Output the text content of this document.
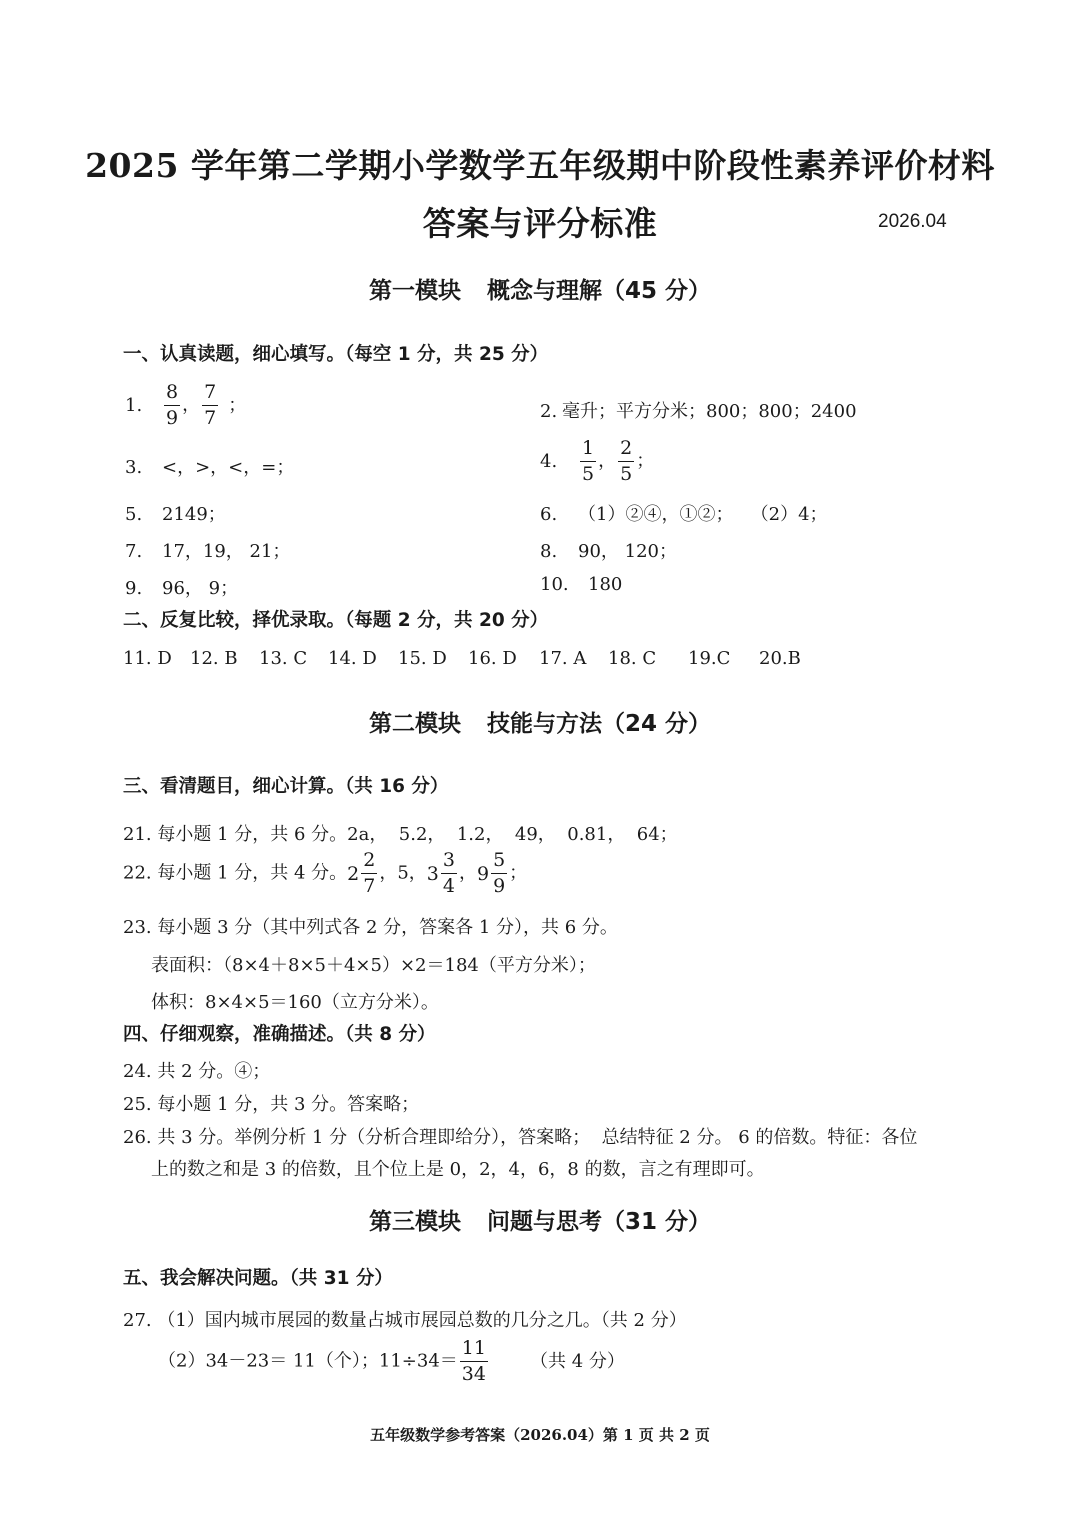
2025 学年第二学期小学数学五年级期中阶段性素养评价材料
答案与评分标准	2026.04
第一模块 概念与理解（45 分）
一、认真读题，细心填写。（每空 1 分，共 25 分）
1. $\frac{8}{9}$ ， $\frac{7}{7}$ ；	2. 毫升；平方分米；800；800；2400
3. <，>，<，=；	4. $\frac{1}{5}$ ， $\frac{2}{5}$ ；
5. 2149；	6. （1）②④，①②；   （2）4；
7. 17，19， 21；	8. 90， 120；
9. 96， 9；	10. 180
二、反复比较，择优录取。（每题 2 分，共 20 分）
11. D 12. B 13. C 14. D 15. D 16. D 17. A 18. C 19.C 20.B
第二模块 技能与方法（24 分）
三、看清题目，细心计算。（共 16 分）
21. 每小题 1 分，共 6 分。2a，  5.2，  1.2，  49，  0.81，  64；
22. 每小题 1 分，共 4 分。$2 \frac{2}{7}$ ，5，$3 \frac{3}{4}$ ，$9 \frac{5}{9}$ ；
23. 每小题 3 分（其中列式各 2 分，答案各 1 分），共 6 分。
表面积：（8×4＋8×5＋4×5）×2＝184（平方分米）；
体积：8×4×5＝160（立方分米）。
四、仔细观察，准确描述。（共 8 分）
24. 共 2 分。④；
25. 每小题 1 分，共 3 分。答案略；
26. 共 3 分。举例分析 1 分（分析合理即给分），答案略；  总结特征 2 分。 6 的倍数。特征：各位
上的数之和是 3 的倍数，且个位上是 0，2，4，6，8 的数，言之有理即可。
第三模块 问题与思考（31 分）
五、我会解决问题。（共 31 分）
27. （1）国内城市展园的数量占城市展园总数的几分之几。（共 2 分）
（2）34－23＝ 11（个）；$11\div 34= \frac{11}{34}$ （共 4 分）
五年级数学参考答案（2026.04）第 1 页 共 2 页
